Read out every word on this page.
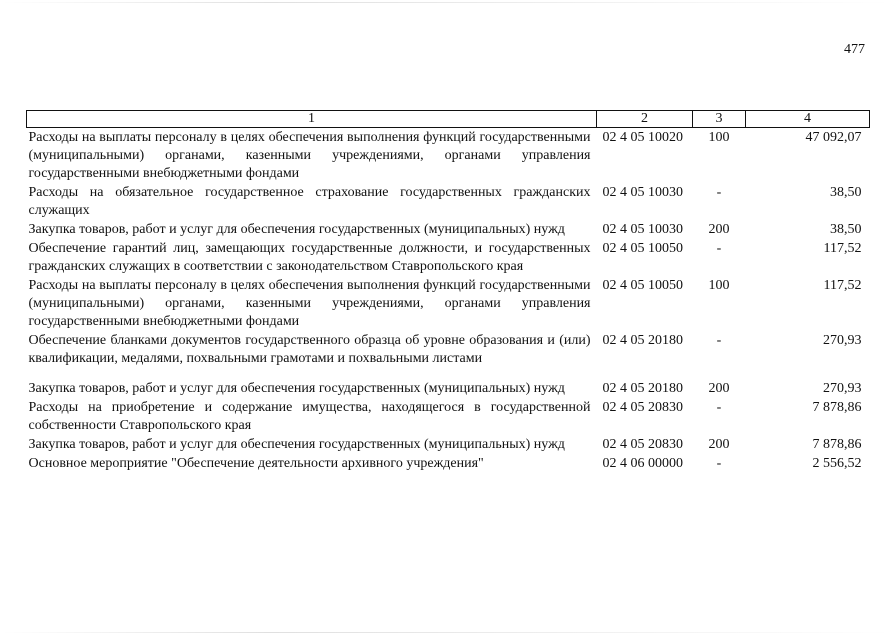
477
1	2	3	4
Расходы на выплаты персоналу в целях обеспечения выполнения функций государственными (муниципальными) органами, казенными учреждениями, органами управления государственными внебюджетными фондами	02 4 05 10020	100	47 092,07
Расходы на обязательное государственное страхование государственных гражданских служащих	02 4 05 10030	-	38,50
Закупка товаров, работ и услуг для обеспечения государственных (муниципальных) нужд	02 4 05 10030	200	38,50
Обеспечение гарантий лиц, замещающих государственные должности, и государственных гражданских служащих в соответствии с законодательством Ставропольского края	02 4 05 10050	-	117,52
Расходы на выплаты персоналу в целях обеспечения выполнения функций государственными (муниципальными) органами, казенными учреждениями, органами управления государственными внебюджетными фондами	02 4 05 10050	100	117,52
Обеспечение бланками документов государственного образца об уровне образования и (или) квалификации, медалями, похвальными грамотами и похвальными листами	02 4 05 20180	-	270,93

Закупка товаров, работ и услуг для обеспечения государственных (муниципальных) нужд	02 4 05 20180	200	270,93
Расходы на приобретение и содержание имущества, находящегося в государственной собственности Ставропольского края	02 4 05 20830	-	7 878,86
Закупка товаров, работ и услуг для обеспечения государственных (муниципальных) нужд	02 4 05 20830	200	7 878,86
Основное мероприятие "Обеспечение деятельности архивного учреждения"	02 4 06 00000	-	2 556,52
